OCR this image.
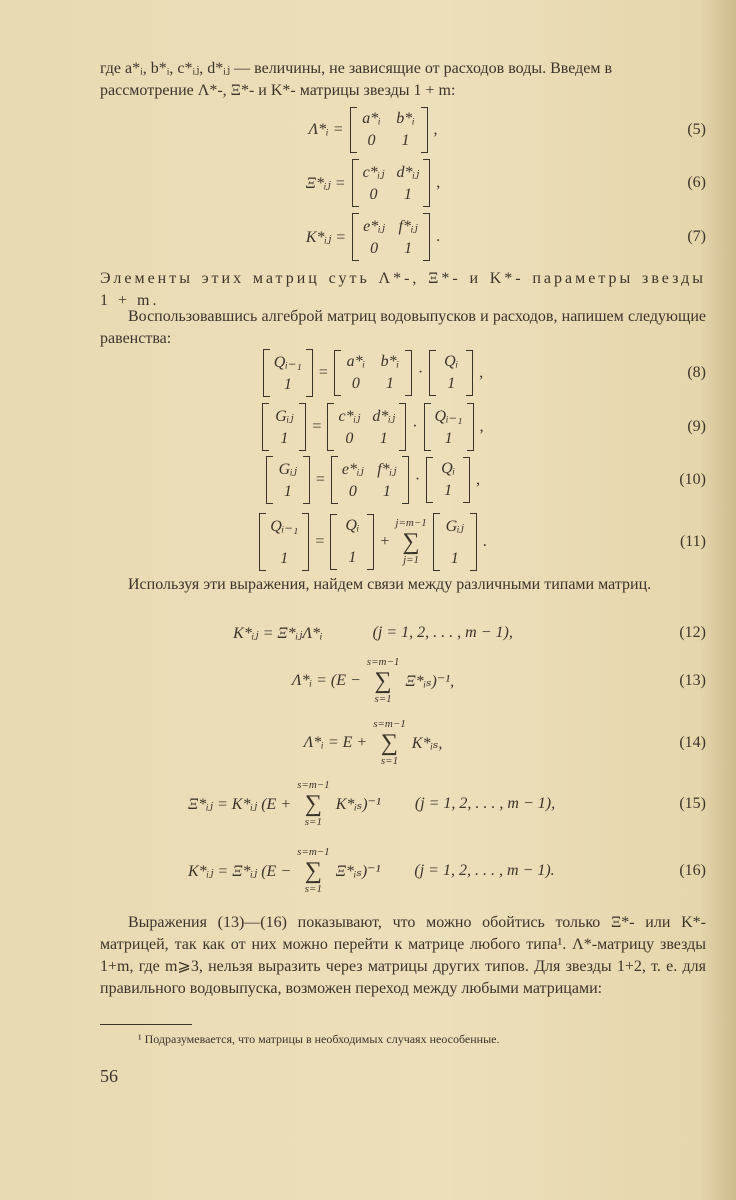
где a*ᵢ, b*ᵢ, c*ᵢⱼ, d*ᵢⱼ — величины, не зависящие от расходов воды. Введем в
рассмотрение Λ*-, Ξ*- и K*- матрицы звезды 1 + m:
Λ*ᵢ =
a*ᵢ b*ᵢ
0	1
,	(5)
Ξ*ᵢⱼ =
c*ᵢⱼ d*ᵢⱼ
0	1
,	(6)
K*ᵢⱼ =
e*ᵢⱼ f*ᵢⱼ
0	1
.	(7)
Элементы этих матриц суть Λ*-, Ξ*- и K*- параметры звезды 1 + m.
Воспользовавшись алгеброй матриц водовыпусков и расходов, напишем следующие равенства:
Qᵢ₋₁
1
=
a*ᵢ b*ᵢ
0	1
·
Qᵢ
1
,	(8)
Gᵢⱼ
1
=
c*ᵢⱼ d*ᵢⱼ
0	1
·
Qᵢ₋₁
1
,	(9)
Gᵢⱼ
1
=
e*ᵢⱼ f*ᵢⱼ
0	1
·
Qᵢ
1
,	(10)
Qᵢ₋₁
1
=
Qᵢ
1
+
j=m−1
∑
j=1
Gᵢⱼ
1
.	(11)
Используя эти выражения, найдем связи между различными типами матриц.
K*ᵢⱼ = Ξ*ᵢⱼΛ*ᵢ	(j = 1, 2, . . . , m − 1),	(12)
Λ*ᵢ = (E −
s=m−1
∑
s=1
Ξ*ᵢₛ)⁻¹,	(13)
Λ*ᵢ = E +
s=m−1
∑
s=1
K*ᵢₛ,	(14)
Ξ*ᵢⱼ = K*ᵢⱼ (E +
s=m−1
∑
s=1
K*ᵢₛ)⁻¹ (j = 1, 2, . . . , m − 1),	(15)
K*ᵢⱼ = Ξ*ᵢⱼ (E −
s=m−1
∑
s=1
Ξ*ᵢₛ)⁻¹ (j = 1, 2, . . . , m − 1).	(16)
Выражения (13)—(16) показывают, что можно обойтись только Ξ*- или K*-матрицей, так как от них можно перейти к матрице любого типа¹. Λ*-матрицу звезды 1+m, где m⩾3, нельзя выразить через матрицы других типов. Для звезды 1+2, т. е. для правильного водовыпуска, возможен переход между любыми матрицами:
¹ Подразумевается, что матрицы в необходимых случаях неособенные.
56
